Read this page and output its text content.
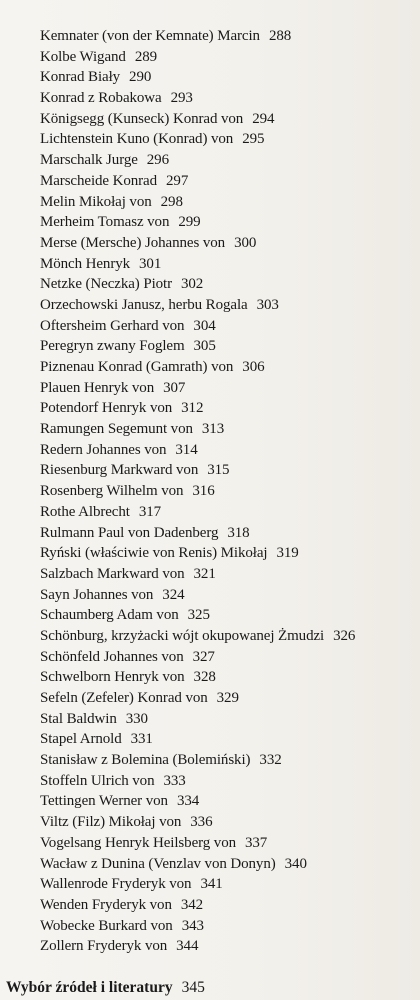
Kemnater (von der Kemnate) Marcin 288
Kolbe Wigand 289
Konrad Biały 290
Konrad z Robakowa 293
Königsegg (Kunseck) Konrad von 294
Lichtenstein Kuno (Konrad) von 295
Marschalk Jurge 296
Marscheide Konrad 297
Melin Mikołaj von 298
Merheim Tomasz von 299
Merse (Mersche) Johannes von 300
Mönch Henryk 301
Netzke (Neczka) Piotr 302
Orzechowski Janusz, herbu Rogala 303
Oftersheim Gerhard von 304
Peregryn zwany Foglem 305
Piznenau Konrad (Gamrath) von 306
Plauen Henryk von 307
Potendorf Henryk von 312
Ramungen Segemunt von 313
Redern Johannes von 314
Riesenburg Markward von 315
Rosenberg Wilhelm von 316
Rothe Albrecht 317
Rulmann Paul von Dadenberg 318
Ryński (właściwie von Renis) Mikołaj 319
Salzbach Markward von 321
Sayn Johannes von 324
Schaumberg Adam von 325
Schönburg, krzyżacki wójt okupowanej Żmudzi 326
Schönfeld Johannes von 327
Schwelborn Henryk von 328
Sefeln (Zefeler) Konrad von 329
Stal Baldwin 330
Stapel Arnold 331
Stanisław z Bolemina (Bolemiński) 332
Stoffeln Ulrich von 333
Tettingen Werner von 334
Viltz (Filz) Mikołaj von 336
Vogelsang Henryk Heilsberg von 337
Wacław z Dunina (Venzlav von Donyn) 340
Wallenrode Fryderyk von 341
Wenden Fryderyk von 342
Wobecke Burkard von 343
Zollern Fryderyk von 344
Wybór źródeł i literatury 345
